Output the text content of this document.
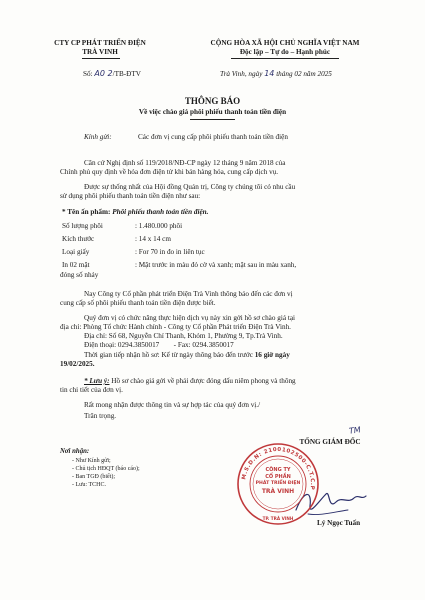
CTY CP PHÁT TRIỂN ĐIỆN
TRÀ VINH
CỘNG HÒA XÃ HỘI CHỦ NGHĨA VIỆT NAM
Độc lập – Tự do – Hạnh phúc
Số: A0 2/TB-ĐTV	Trà Vinh, ngày 14 tháng 02 năm 2025
THÔNG BÁO
Về việc chào giá phôi phiếu thanh toán tiền điện
Kính gửi:	Các đơn vị cung cấp phôi phiếu thanh toán tiền điện
Căn cứ Nghị định số 119/2018/NĐ-CP ngày 12 tháng 9 năm 2018 của
Chính phủ quy định về hóa đơn điện tử khi bán hàng hóa, cung cấp dịch vụ.
Được sự thống nhất của Hội đồng Quản trị, Công ty chúng tôi có nhu cầu
sử dụng phôi phiếu thanh toán tiền điện như sau:
* Tên ấn phẩm: Phôi phiếu thanh toán tiền điện.
Số lượng phôi	: 1.480.000 phôi
Kích thước	: 14 x 14 cm
Loại giấy	: For 70 in đo in liên tục
In 02 mặt	: Mặt trước in màu đỏ cờ và xanh; mặt sau in màu xanh,
đóng số nhảy
Nay Công ty Cổ phần phát triển Điện Trà Vinh thông báo đến các đơn vị
cung cấp số phôi phiếu thanh toán tiền điện được biết.
Quý đơn vị có chức năng thực hiện dịch vụ này xin gởi hồ sơ chào giá tại
địa chỉ: Phòng Tổ chức Hành chính - Công ty Cổ phần Phát triển Điện Trà Vinh.
Địa chỉ: Số 68, Nguyễn Chí Thanh, Khóm 1, Phường 9, Tp.Trà Vinh.
Điện thoại: 0294.3850017        - Fax: 0294.3850017
Thời gian tiếp nhận hồ sơ: Kể từ ngày thông báo đến trước 16 giờ ngày
19/02/2025.
* Lưu ý: Hồ sơ chào giá gởi về phải được đóng dấu niêm phong và thông
tin chi tiết của đơn vị.
Rất mong nhận được thông tin và sự hợp tác của quý đơn vị./
Trân trọng.
Nơi nhận:
- Như Kính gửi;
- Chủ tịch HĐQT (báo cáo);
- Ban TGĐ (biết);
- Lưu: TCHC.
TM
TỔNG GIÁM ĐỐC
M.S.D.N: 2100102500-C.T.C.P
TP. TRÀ VINH
CÔNG TY
CỔ PHẦN
PHÁT TRIỂN ĐIỆN
TRÀ VINH
Lý Ngọc Tuấn
